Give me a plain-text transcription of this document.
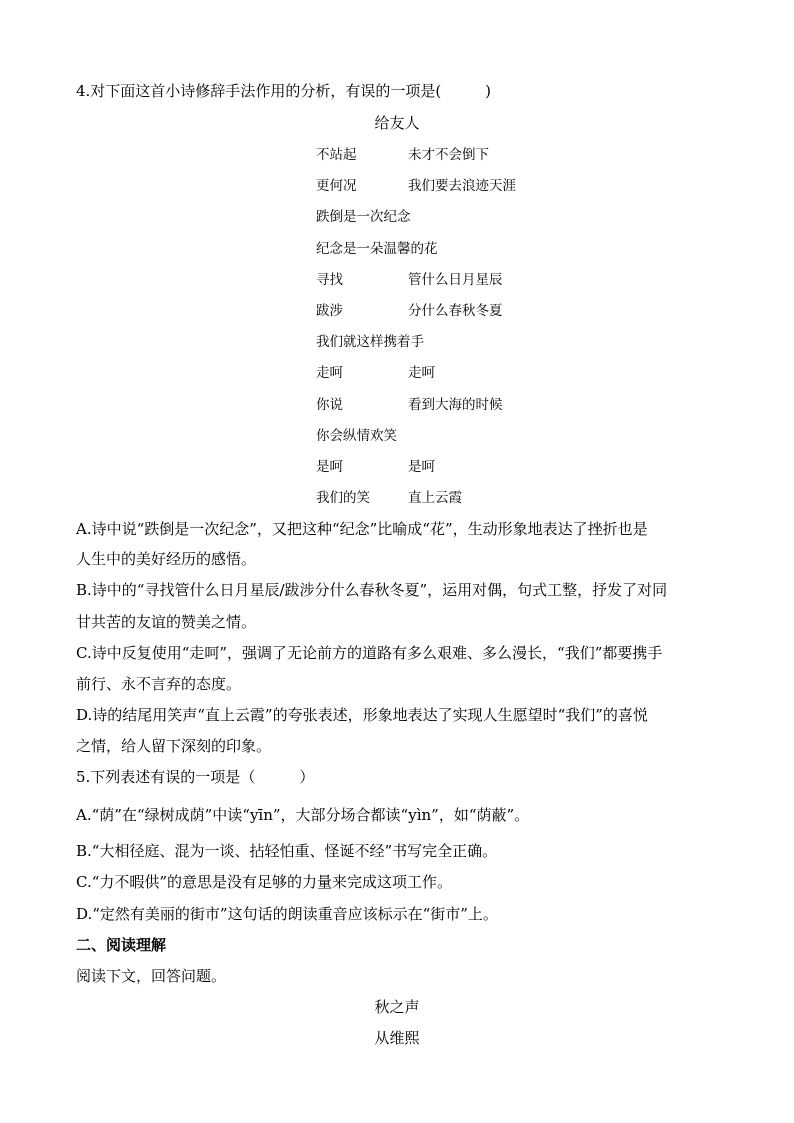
4.对下面这首小诗修辞手法作用的分析，有误的一项是(	)
给友人
不站起	未才不会倒下
更何况	我们要去浪迹天涯
跌倒是一次纪念
纪念是一朵温馨的花
寻找	管什么日月星辰
跋涉	分什么春秋冬夏
我们就这样携着手
走呵	走呵
你说	看到大海的时候
你会纵情欢笑
是呵	是呵
我们的笑	直上云霞
A.诗中说“跌倒是一次纪念”，又把这种“纪念”比喻成“花”，生动形象地表达了挫折也是
人生中的美好经历的感悟。
B.诗中的“寻找管什么日月星辰/跋涉分什么春秋冬夏”，运用对偶，句式工整，抒发了对同
甘共苦的友谊的赞美之情。
C.诗中反复使用“走呵”，强调了无论前方的道路有多么艰难、多么漫长，“我们”都要携手
前行、永不言弃的态度。
D.诗的结尾用笑声“直上云霞”的夸张表述，形象地表达了实现人生愿望时“我们”的喜悦
之情，给人留下深刻的印象。
5.下列表述有误的一项是（	）
A.“荫”在“绿树成荫”中读“yīn”，大部分场合都读“yìn”，如“荫蔽”。
B.“大相径庭、混为一谈、拈轻怕重、怪诞不经”书写完全正确。
C.“力不暇供”的意思是没有足够的力量来完成这项工作。
D.“定然有美丽的街市”这句话的朗读重音应该标示在“街市”上。
二、阅读理解
阅读下文，回答问题。
秋之声
从维熙
